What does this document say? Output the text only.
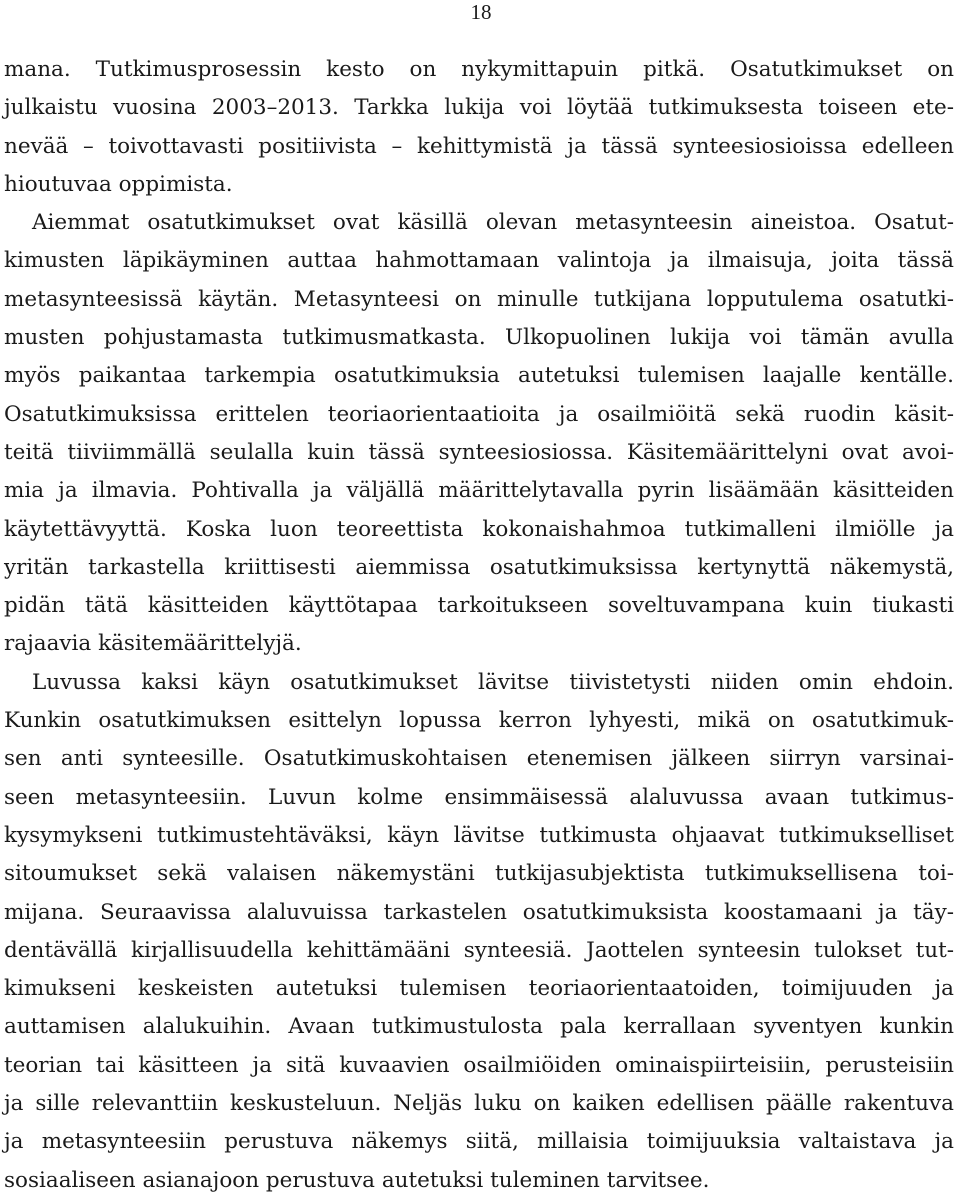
18
mana. Tutkimusprosessin kesto on nykymittapuin pitkä. Osatutkimukset on
julkaistu vuosina 2003–2013. Tarkka lukija voi löytää tutkimuksesta toiseen ete-
nevää – toivottavasti positiivista – kehittymistä ja tässä synteesiosioissa edelleen
hioutuvaa oppimista.
Aiemmat osatutkimukset ovat käsillä olevan metasynteesin aineistoa. Osatut-
kimusten läpikäyminen auttaa hahmottamaan valintoja ja ilmaisuja, joita tässä
metasynteesissä käytän. Metasynteesi on minulle tutkijana lopputulema osatutki-
musten pohjustamasta tutkimusmatkasta. Ulkopuolinen lukija voi tämän avulla
myös paikantaa tarkempia osatutkimuksia autetuksi tulemisen laajalle kentälle.
Osatutkimuksissa erittelen teoriaorientaatioita ja osailmiöitä sekä ruodin käsit-
teitä tiiviimmällä seulalla kuin tässä synteesiosiossa. Käsitemäärittelyni ovat avoi-
mia ja ilmavia. Pohtivalla ja väljällä määrittelytavalla pyrin lisäämään käsitteiden
käytettävyyttä. Koska luon teoreettista kokonaishahmoa tutkimalleni ilmiölle ja
yritän tarkastella kriittisesti aiemmissa osatutkimuksissa kertynyttä näkemystä,
pidän tätä käsitteiden käyttötapaa tarkoitukseen soveltuvampana kuin tiukasti
rajaavia käsitemäärittelyjä.
Luvussa kaksi käyn osatutkimukset lävitse tiivistetysti niiden omin ehdoin.
Kunkin osatutkimuksen esittelyn lopussa kerron lyhyesti, mikä on osatutkimuk-
sen anti synteesille. Osatutkimuskohtaisen etenemisen jälkeen siirryn varsinai-
seen metasynteesiin. Luvun kolme ensimmäisessä alaluvussa avaan tutkimus-
kysymykseni tutkimustehtäväksi, käyn lävitse tutkimusta ohjaavat tutkimukselliset
sitoumukset sekä valaisen näkemystäni tutkijasubjektista tutkimuksellisena toi-
mijana. Seuraavissa alaluvuissa tarkastelen osatutkimuksista koostamaani ja täy-
dentävällä kirjallisuudella kehittämääni synteesiä. Jaottelen synteesin tulokset tut-
kimukseni keskeisten autetuksi tulemisen teoriaorientaatoiden, toimijuuden ja
auttamisen alalukuihin. Avaan tutkimustulosta pala kerrallaan syventyen kunkin
teorian tai käsitteen ja sitä kuvaavien osailmiöiden ominaispiirteisiin, perusteisiin
ja sille relevanttiin keskusteluun. Neljäs luku on kaiken edellisen päälle rakentuva
ja metasynteesiin perustuva näkemys siitä, millaisia toimijuuksia valtaistava ja
sosiaaliseen asianajoon perustuva autetuksi tuleminen tarvitsee.
